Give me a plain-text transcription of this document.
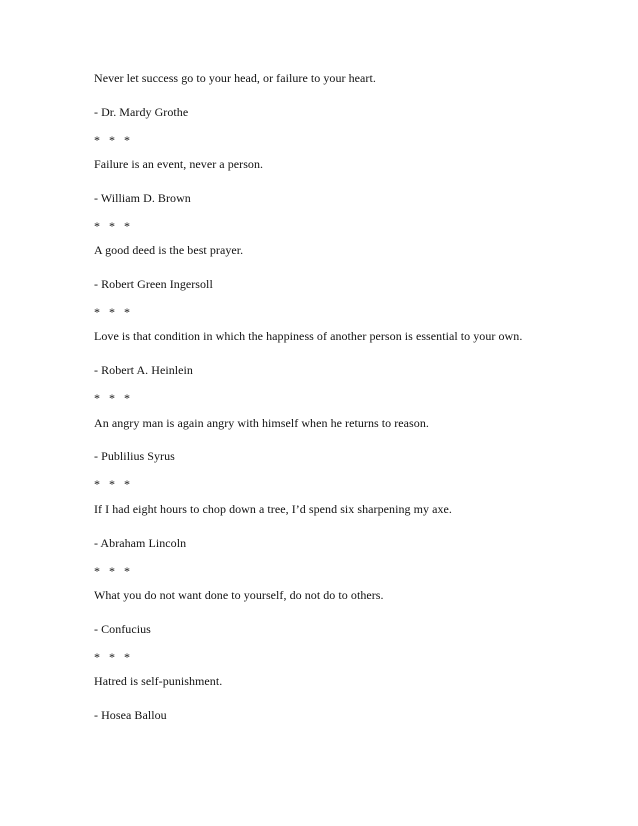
Never let success go to your head, or failure to your heart.
- Dr. Mardy Grothe
* * *
Failure is an event, never a person.
- William D. Brown
* * *
A good deed is the best prayer.
- Robert Green Ingersoll
* * *
Love is that condition in which the happiness of another person is essential to your own.
- Robert A. Heinlein
* * *
An angry man is again angry with himself when he returns to reason.
- Publilius Syrus
* * *
If I had eight hours to chop down a tree, I’d spend six sharpening my axe.
- Abraham Lincoln
* * *
What you do not want done to yourself, do not do to others.
- Confucius
* * *
Hatred is self-punishment.
- Hosea Ballou
